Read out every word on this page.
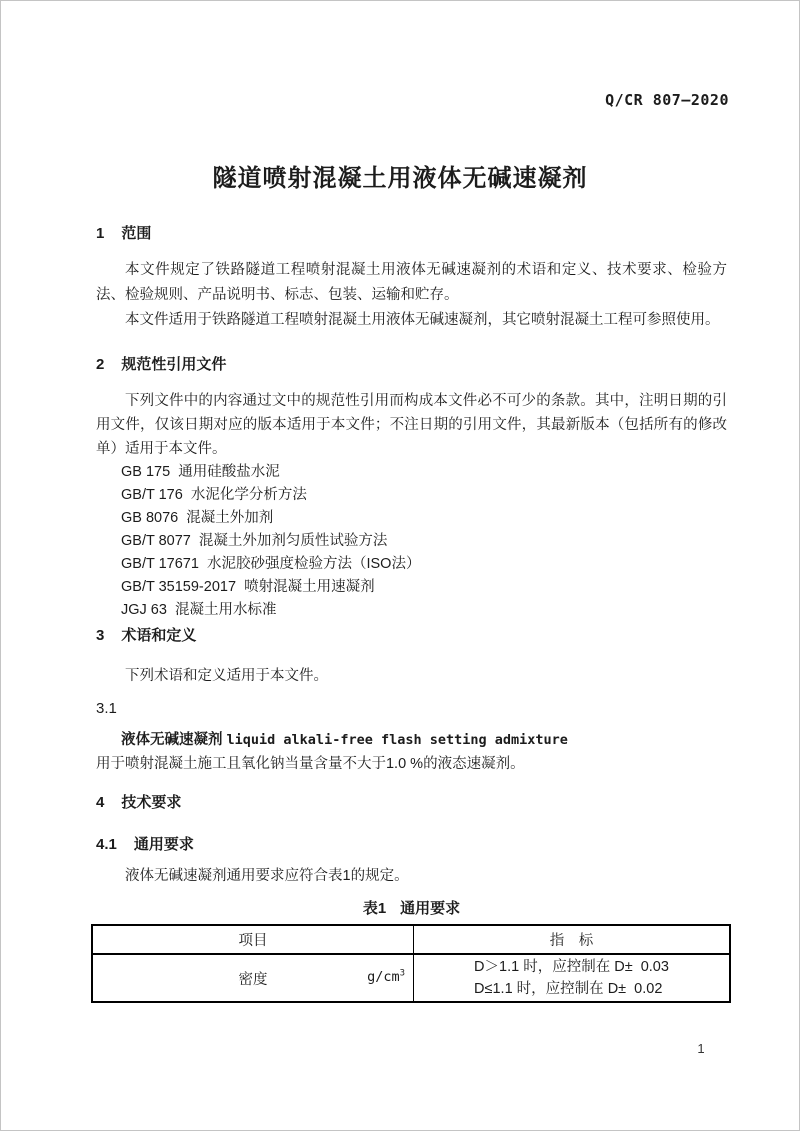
Q/CR 807—2020
隧道喷射混凝土用液体无碱速凝剂
1 范围
本文件规定了铁路隧道工程喷射混凝土用液体无碱速凝剂的术语和定义、技术要求、检验方法、检验规则、产品说明书、标志、包装、运输和贮存。
本文件适用于铁路隧道工程喷射混凝土用液体无碱速凝剂，其它喷射混凝土工程可参照使用。
2 规范性引用文件
下列文件中的内容通过文中的规范性引用而构成本文件必不可少的条款。其中，注明日期的引用文件，仅该日期对应的版本适用于本文件；不注日期的引用文件，其最新版本（包括所有的修改单）适用于本文件。
GB 175  通用硅酸盐水泥
GB/T 176  水泥化学分析方法
GB 8076  混凝土外加剂
GB/T 8077  混凝土外加剂匀质性试验方法
GB/T 17671  水泥胶砂强度检验方法（ISO法）
GB/T 35159-2017  喷射混凝土用速凝剂
JGJ 63  混凝土用水标准
3 术语和定义
下列术语和定义适用于本文件。
3.1
液体无碱速凝剂 liquid alkali-free flash setting admixture
用于喷射混凝土施工且氧化钠当量含量不大于1.0 %的液态速凝剂。
4 技术要求
4.1 通用要求
液体无碱速凝剂通用要求应符合表1的规定。
表1 通用要求
项目	指　标
密度	$g/cm^3$	D＞1.1 时，应控制在 D±  0.03
D≤1.1 时，应控制在 D±  0.02
1
